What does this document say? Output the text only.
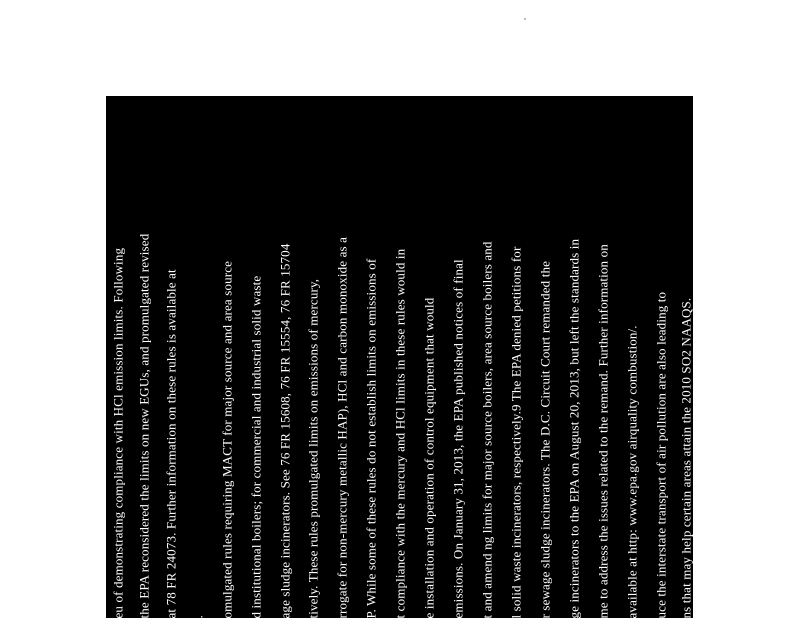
eu of demonstrating compliance with HCl emission limits. Following the EPA reconsidered the limits on new EGUs, and promulgated revised at 78 FR 24073. Further information on these rules is available at . omulgated rules requiring MACT for major source and area source d institutional boilers; for commercial and industrial solid waste age sludge incinerators. See 76 FR 15608, 76 FR 15554, 76 FR 15704 tively. These rules promulgated limits on emissions of mercury, rrogate for non-mercury metallic HAP), HCl and carbon monoxide as a P. While some of these rules do not establish limits on emissions of t compliance with the mercury and HCl limits in these rules would in e installation and operation of control equipment that would emissions. On January 31, 2013, the EPA published notices of final t and amend ng limits for major source boilers, area source boilers and l solid waste incinerators, respectively.9 The EPA denied petitions for r sewage sludge incinerators. The D.C. Circuit Court remanded the ge incinerators to the EPA on August 20, 2013, but left the standards in me to address the issues related to the remand. Further information on available at http: www.epa.gov airquality combustion/. uce the interstate transport of air pollution are also leading to ns that may help certain areas attain the 2010 SO2 NAAQS.
